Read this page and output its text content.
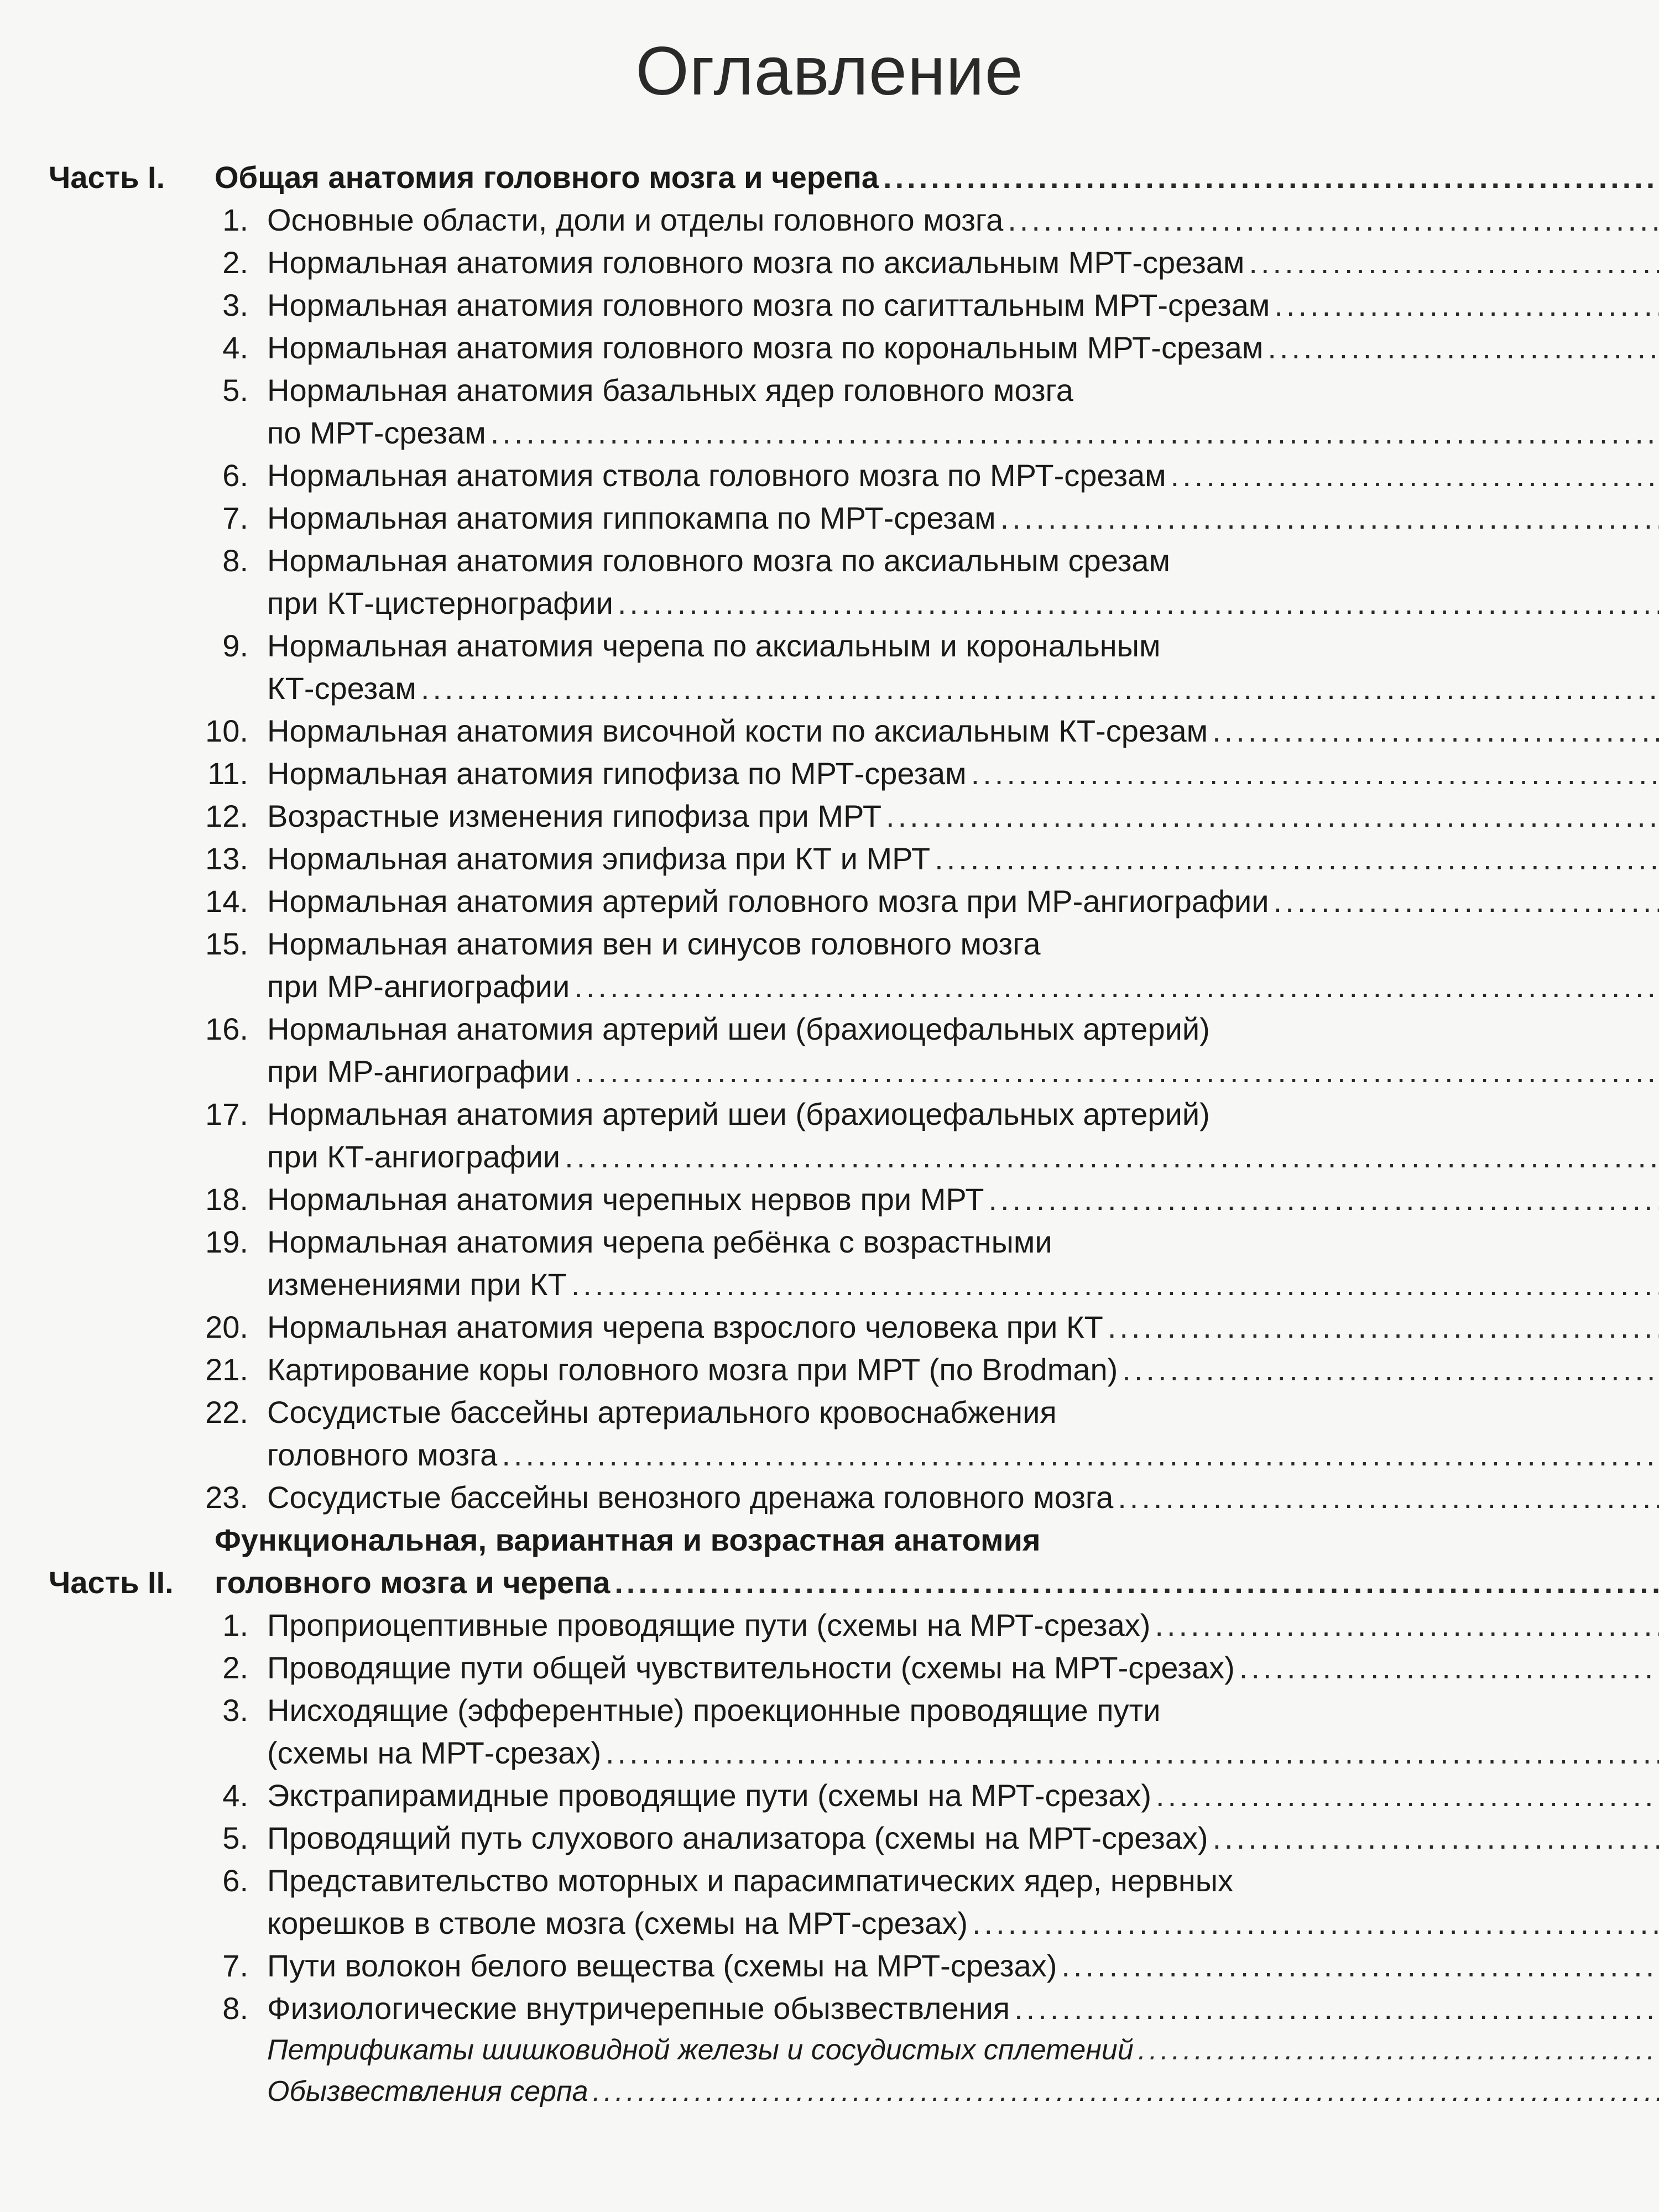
Оглавление
Часть I.	Общая анатомия головного мозга и черепа
.....
1. Основные области, доли и отделы головного мозга
.....
2. Нормальная анатомия головного мозга по аксиальным МРТ-срезам
.....
3. Нормальная анатомия головного мозга по сагиттальным МРТ-срезам
.....
4. Нормальная анатомия головного мозга по корональным МРТ-срезам
.....
5. Нормальная анатомия базальных ядер головного мозга
по МРТ-срезам
.....
6. Нормальная анатомия ствола головного мозга по МРТ-срезам
.....
7. Нормальная анатомия гиппокампа по МРТ-срезам
.....
8. Нормальная анатомия головного мозга по аксиальным срезам
при КТ-цистернографии
.....
9. Нормальная анатомия черепа по аксиальным и корональным
КТ-срезам
.....
10. Нормальная анатомия височной кости по аксиальным КТ-срезам
.....
11. Нормальная анатомия гипофиза по МРТ-срезам
.....
12. Возрастные изменения гипофиза при МРТ
.....
13. Нормальная анатомия эпифиза при КТ и МРТ
.....
14. Нормальная анатомия артерий головного мозга при МР-ангиографии
.....
15. Нормальная анатомия вен и синусов головного мозга
при МР-ангиографии
.....
16. Нормальная анатомия артерий шеи (брахиоцефальных артерий)
при МР-ангиографии
.....
17. Нормальная анатомия артерий шеи (брахиоцефальных артерий)
при КТ-ангиографии
.....
18. Нормальная анатомия черепных нервов при МРТ
.....
19. Нормальная анатомия черепа ребёнка с возрастными
изменениями при КТ
.....
20. Нормальная анатомия черепа взрослого человека при КТ
.....
21. Картирование коры головного мозга при МРТ (по Brodman)
.....
22. Сосудистые бассейны артериального кровоснабжения
головного мозга
.....
23. Сосудистые бассейны венозного дренажа головного мозга
.....
Часть II.
Функциональная, вариантная и возрастная анатомия
головного мозга и черепа
.....
1. Проприоцептивные проводящие пути (схемы на МРТ-срезах)
.....
2. Проводящие пути общей чувствительности (схемы на МРТ-срезах)
.....
3. Нисходящие (эфферентные) проекционные проводящие пути
(схемы на МРТ-срезах)
.....
4. Экстрапирамидные проводящие пути (схемы на МРТ-срезах)
.....
5. Проводящий путь слухового анализатора (схемы на МРТ-срезах)
.....
6. Представительство моторных и парасимпатических ядер, нервных
корешков в стволе мозга (схемы на МРТ-срезах)
.....
7. Пути волокон белого вещества (схемы на МРТ-срезах)
.....
8. Физиологические внутричерепные обызвествления
.....
Петрификаты шишковидной железы и сосудистых сплетений
.....
Обызвествления серпа
.....
